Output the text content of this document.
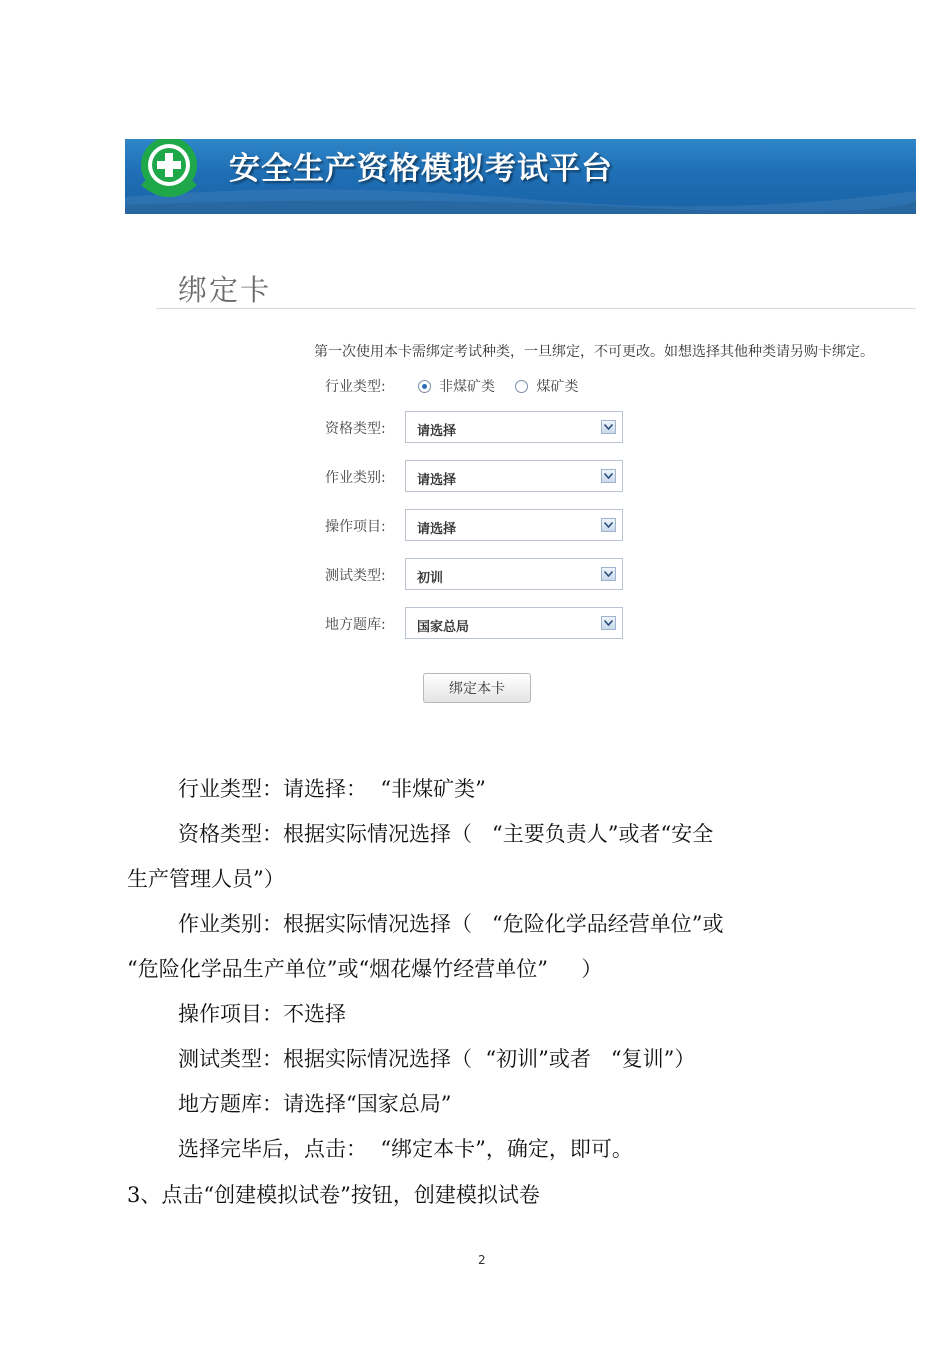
安全生产资格模拟考试平台
绑定卡
第一次使用本卡需绑定考试种类，一旦绑定，不可更改。如想选择其他种类请另购卡绑定。
行业类型:	非煤矿类	煤矿类
资格类型: 请选择
作业类别: 请选择
操作项目: 请选择
测试类型: 初训
地方题库: 国家总局
绑定本卡
行业类型：请选择：  “非煤矿类”
资格类型：根据实际情况选择（   “主要负责人”或者“安全
生产管理人员”）
作业类别：根据实际情况选择（   “危险化学品经营单位”或
“危险化学品生产单位”或“烟花爆竹经营单位”     ）
操作项目：不选择
测试类型：根据实际情况选择（  “初训”或者   “复训”）
地方题库：请选择“国家总局”
选择完毕后，点击：  “绑定本卡”，确定，即可。
3、点击“创建模拟试卷”按钮，创建模拟试卷
2
